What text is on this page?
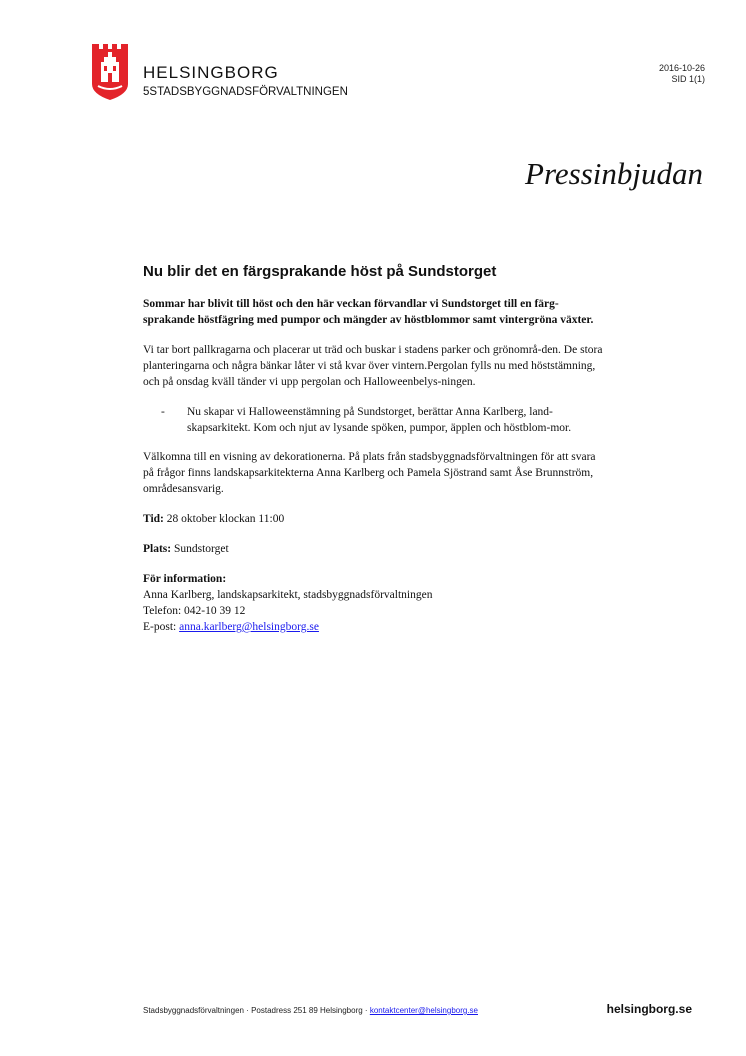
HELSINGBORG
5STADSBYGGNADSFÖRVALTNINGEN
2016-10-26
SID 1(1)
Pressinbjudan
Nu blir det en färgsprakande höst på Sundstorget

Sommar har blivit till höst och den här veckan förvandlar vi Sundstorget till en färg-sprakande höstfägring med pumpor och mängder av höstblommor samt vintergröna växter.

Vi tar bort pallkragarna och placerar ut träd och buskar i stadens parker och grönområ-den. De stora planteringarna och några bänkar låter vi stå kvar över vintern.Pergolan fylls nu med höststämning, och på onsdag kväll tänder vi upp pergolan och Halloweenbelys-ningen.

-	Nu skapar vi Halloweenstämning på Sundstorget, berättar Anna Karlberg, land-skapsarkitekt. Kom och njut av lysande spöken, pumpor, äpplen och höstblom-mor.

Välkomna till en visning av dekorationerna. På plats från stadsbyggnadsförvaltningen för att svara på frågor finns landskapsarkitekterna Anna Karlberg och Pamela Sjöstrand samt Åse Brunnström, områdesansvarig.

Tid: 28 oktober klockan 11:00

Plats: Sundstorget

För information:

Anna Karlberg, landskapsarkitekt, stadsbyggnadsförvaltningen

Telefon: 042-10 39 12

E-post: anna.karlberg@helsingborg.se

Stadsbyggnadsförvaltningen · Postadress 251 89 Helsingborg · kontaktcenter@helsingborg.se	helsingborg.se
